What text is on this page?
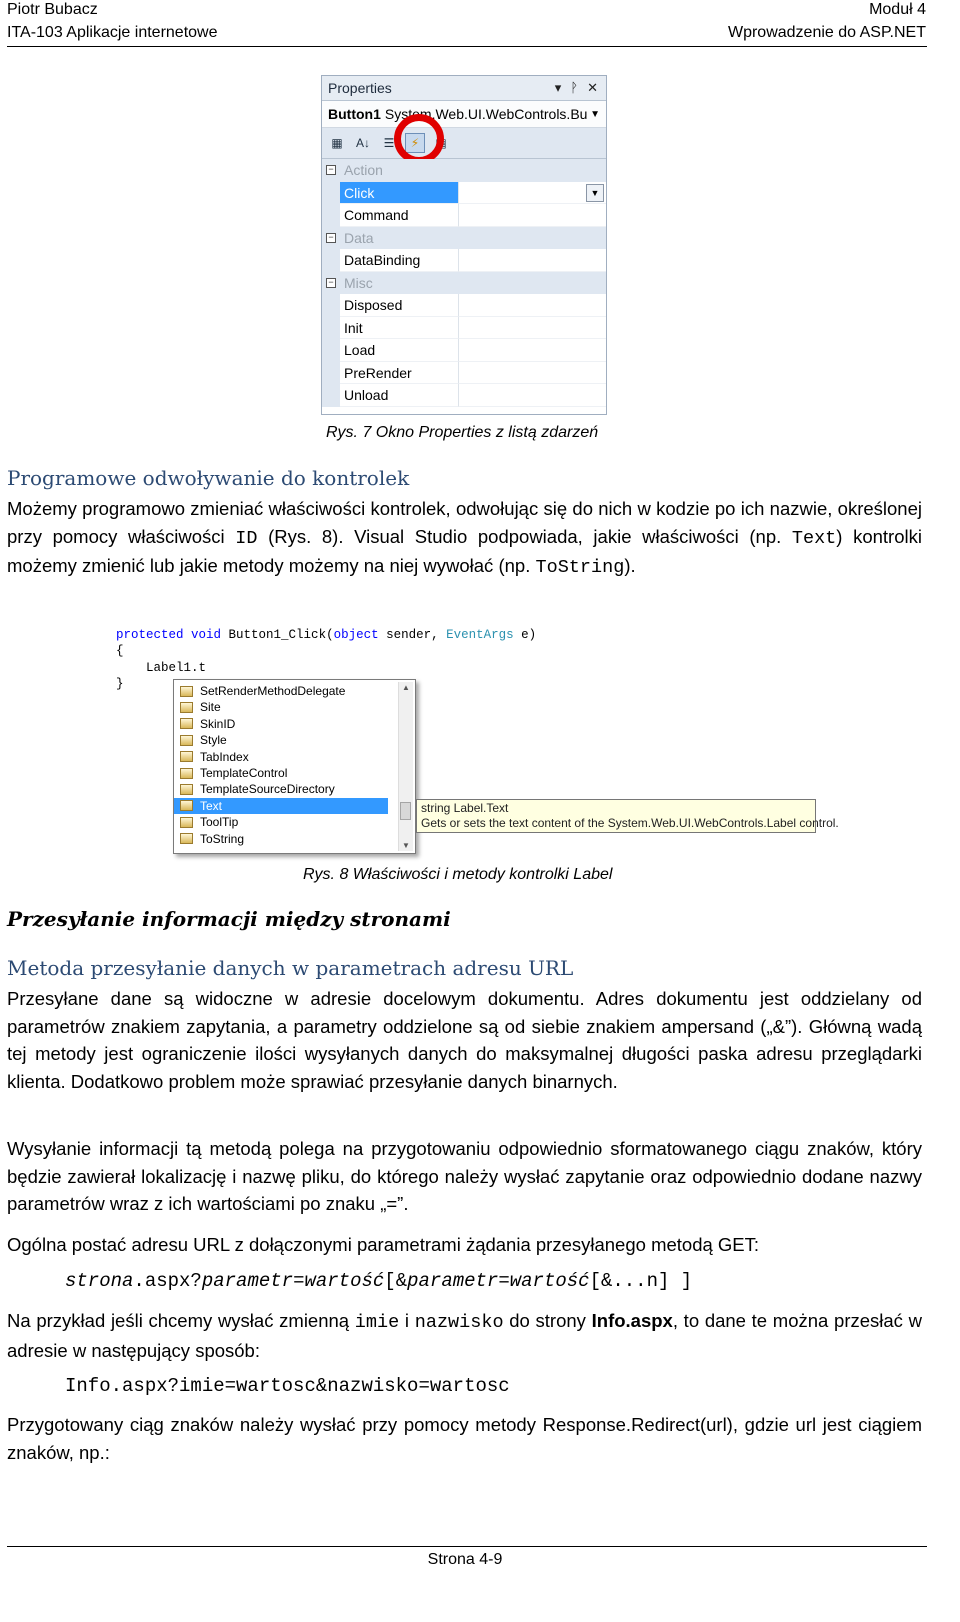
Piotr Bubacz
ITA-103 Aplikacje internetowe
Moduł 4
Wprowadzenie do ASP.NET
Properties	▾ ᚹ ✕
Button1 System.Web.UI.WebControls.Bu ▼
▦	A↓	☰	⚡	▤
− Action
Click	▼
Command
− Data
DataBinding
− Misc
Disposed
Init
Load
PreRender
Unload
Rys. 7 Okno Properties z listą zdarzeń
Programowe odwoływanie do kontrolek
Możemy programowo zmieniać właściwości kontrolek, odwołując się do nich w kodzie po ich nazwie, określonej przy pomocy właściwości ID (Rys. 8). Visual Studio podpowiada, jakie właściwości (np. Text) kontrolki możemy zmienić lub jakie metody możemy na niej wywołać (np. ToString).
protected void Button1_Click(object sender, EventArgs e)
{
Label1.t
}	SetRenderMethodDelegate
Site
SkinID
Style
TabIndex
TemplateControl
TemplateSourceDirectory
Text
ToolTip
ToString
▲
▼
string Label.Text
Gets or sets the text content of the System.Web.UI.WebControls.Label control.
Rys. 8 Właściwości i metody kontrolki Label
Przesyłanie informacji między stronami
Metoda przesyłanie danych w parametrach adresu URL
Przesyłane dane są widoczne w adresie docelowym dokumentu. Adres dokumentu jest oddzielany od parametrów znakiem zapytania, a parametry oddzielone są od siebie znakiem ampersand („&”). Główną wadą tej metody jest ograniczenie ilości wysyłanych danych do maksymalnej długości paska adresu przeglądarki klienta. Dodatkowo problem może sprawiać przesyłanie danych binarnych.
Wysyłanie informacji tą metodą polega na przygotowaniu odpowiednio sformatowanego ciągu znaków, który będzie zawierał lokalizację i nazwę pliku, do którego należy wysłać zapytanie oraz odpowiednio dodane nazwy parametrów wraz z ich wartościami po znaku „=”.
Ogólna postać adresu URL z dołączonymi parametrami żądania przesyłanego metodą GET:
strona.aspx?parametr=wartość[&parametr=wartość[&...n] ]
Na przykład jeśli chcemy wysłać zmienną imie i nazwisko do strony Info.aspx, to dane te można przesłać w adresie w następujący sposób:
Info.aspx?imie=wartosc&nazwisko=wartosc
Przygotowany ciąg znaków należy wysłać przy pomocy metody Response.Redirect(url), gdzie url jest ciągiem znaków, np.:
Strona 4-9
